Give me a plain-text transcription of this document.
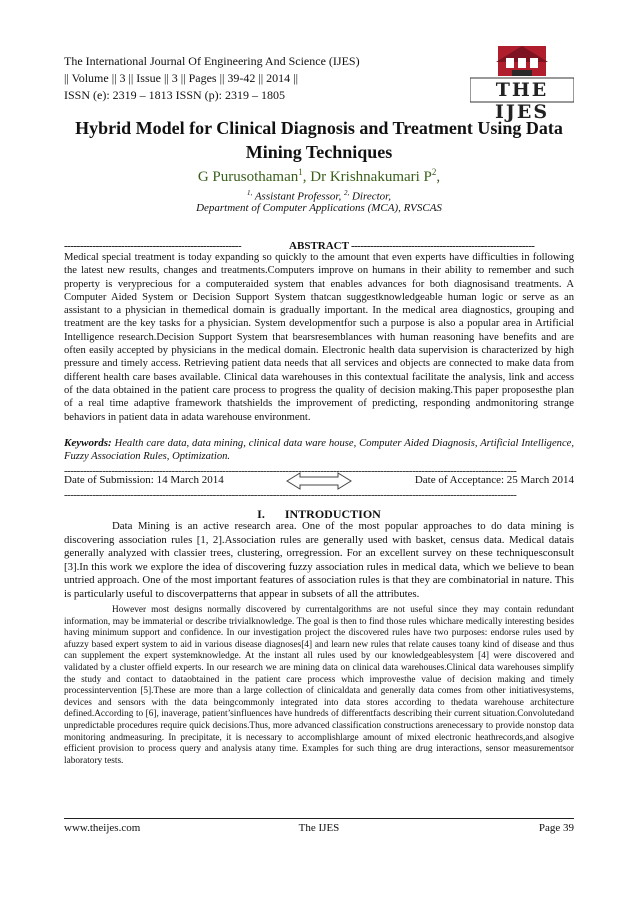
The International Journal Of Engineering And Science (IJES)
|| Volume || 3 || Issue || 3 || Pages || 39-42 || 2014 ||
ISSN (e): 2319 – 1813 ISSN (p): 2319 – 1805	THE IJES
Hybrid Model for Clinical Diagnosis and Treatment Using Data
Mining Techniques
G Purusothaman$^1$, Dr Krishnakumari $P^2$,
$^{1,}$ Assistant Professor, $^{2,}$ Director,
Department of Computer Applications (MCA), RVSCAS
--------------------------------------------------------	ABSTRACT ----------------------------------------------------------
Medical special treatment is today expanding so quickly to the amount that even experts have difficulties in following the latest new results, changes and treatments.Computers improve on humans in their ability to remember and such property is veryprecious for a computeraided system that enables advances for both diagnosisand treatments. A Computer Aided System or Decision Support System thatcan suggestknowledgeable human logic or serve as an assistant to a physician in themedical domain is gradually important. In the medical area diagnostics, grouping and treatment are the key tasks for a physician. System developmentfor such a purpose is also a popular area in Artificial Intelligence research.Decision Support System that bearsresemblances with human reasoning have benefits and are often easily accepted by physicians in the medical domain. Electronic health data supervision is characterized by high pressure and timely access. Retrieving patient data needs that all services and objects are connected to make data from different health care bases available. Clinical data warehouses in this contextual facilitate the analysis, link and access of the data obtained in the patient care process to progress the quality of decision making.This paper proposesthe plan of a real time adaptive framework thatshields the improvement of predicting, responding andmonitoring strange behaviors in patient data in adata warehouse environment.
Keywords: Health care data, data mining, clinical data ware house, Computer Aided Diagnosis, Artificial Intelligence, Fuzzy Association Rules, Optimization.
-----------------------------------------------------------------------------------------------------------------------------------------------
Date of Submission: 14 March 2014	Date of Acceptance: 25 March 2014
-----------------------------------------------------------------------------------------------------------------------------------------------
I. INTRODUCTION

Data Mining is an active research area. One of the most popular approaches to do data mining is discovering association rules [1, 2].Association rules are generally used with basket, census data. Medical datais generally analyzed with classier trees, clustering, orregression. For an excellent survey on these techniquesconsult [3].In this work we explore the idea of discovering fuzzy association rules in medical data, which we believe to bean untried approach. One of the most important features of association rules is that they are combinatorial in nature. This is particularly useful to discoverpatterns that appear in subsets of all the attributes.

However most designs normally discovered by currentalgorithms are not useful since they may contain redundant information, may be immaterial or describe trivialknowledge. The goal is then to find those rules whichare medically interesting besides having minimum support and confidence. In our investigation project the discovered rules have two purposes: endorse rules used by afuzzy based expert system to aid in various disease diagnoses[4] and learn new rules that relate causes toany kind of disease and thus can supplement the expert systemknowledge. At the instant all rules used by our knowledgeablesystem [4] were discovered and validated by a cluster offield experts. In our research we are mining data on clinical data warehouses.Clinical data warehouses simplify the study and contact to dataobtained in the patient care process which improvesthe value of decision making and timely processintervention [5].These are more than a large collection of clinicaldata and generally data comes from other initiativesystems, devices and sensors with the data beingcommonly integrated into data stores according to thedata warehouse architecture defined.According to [6], inaverage, patient’sinfluences have hundreds of differentfacts describing their current situation.Convolutedand unpredictable procedures require quick decisions.Thus, more advanced classification constructions arenecessary to provide nonstop data monitoring andmeasuring. In precipitate, it is necessary to accomplishlarge amount of mixed electronic heathrecords,and alsogive efficient provision to process query and analysis atany time. Examples for such thing are drug interactions, sensor measurementsor laboratory tests.

www.theijes.com	The IJES	Page 39
